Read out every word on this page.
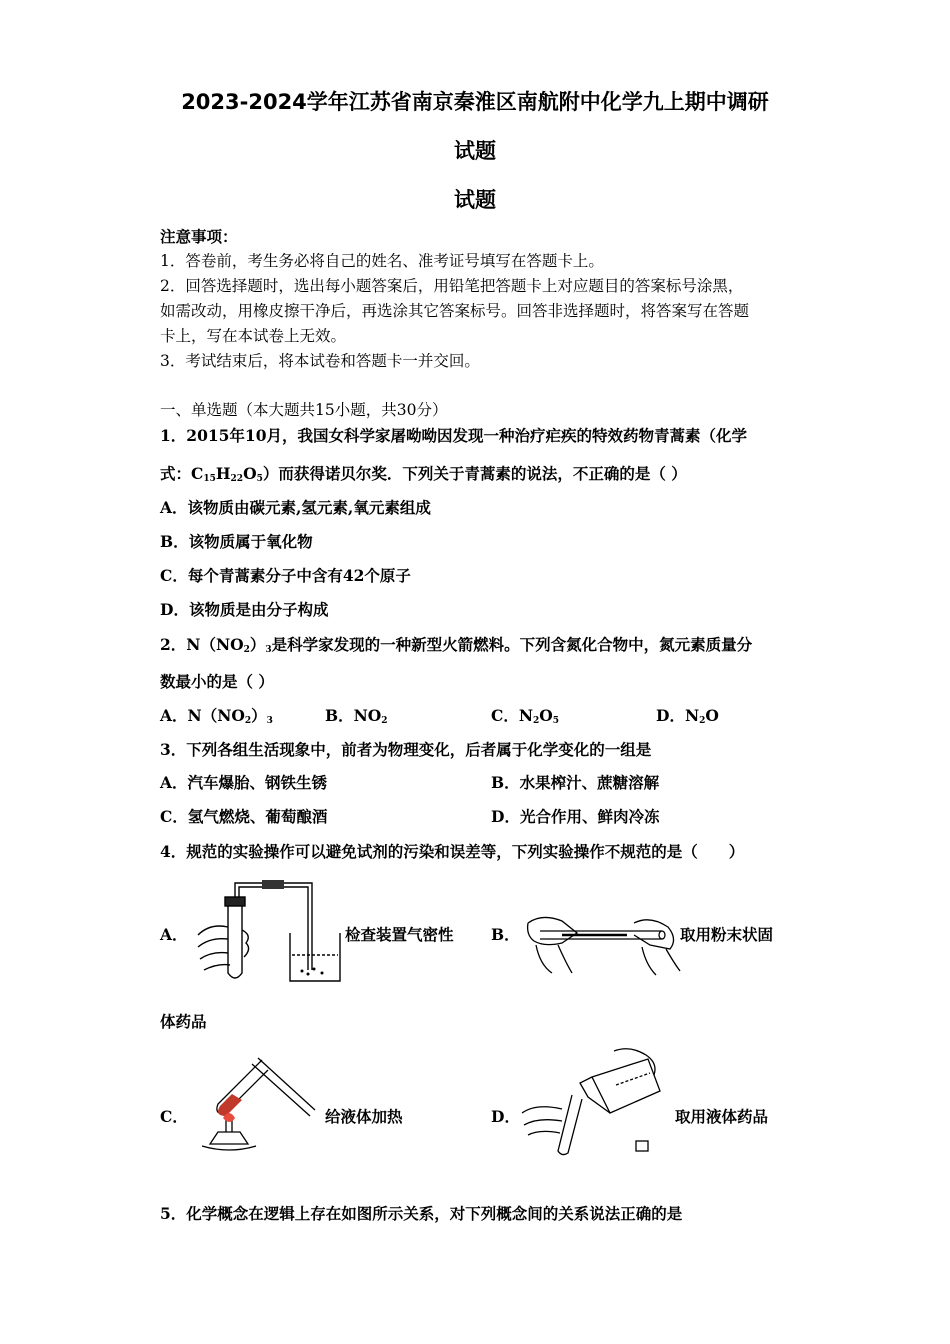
2023-2024学年江苏省南京秦淮区南航附中化学九上期中调研
试题
试题
注意事项：
1．答卷前，考生务必将自己的姓名、准考证号填写在答题卡上。
2．回答选择题时，选出每小题答案后，用铅笔把答题卡上对应题目的答案标号涂黑，
如需改动，用橡皮擦干净后，再选涂其它答案标号。回答非选择题时，将答案写在答题
卡上，写在本试卷上无效。
3．考试结束后，将本试卷和答题卡一并交回。
一、单选题（本大题共15小题，共30分）
1．2015年10月，我国女科学家屠呦呦因发现一种治疗疟疾的特效药物青蒿素（化学
式：$C_{15}H_{22}O_5$）而获得诺贝尔奖．下列关于青蒿素的说法，不正确的是（ ）
A．该物质由碳元素,氢元素,氧元素组成
B．该物质属于氧化物
C．每个青蒿素分子中含有42个原子
D．该物质是由分子构成
2．$N(NO_2)_3$是科学家发现的一种新型火箭燃料。下列含氮化合物中，氮元素质量分
数最小的是（ ）
A．$N(NO_2)_3$	B．$NO_2$	C．$N_2O_5$	D．$N_2O$
3．下列各组生活现象中，前者为物理变化，后者属于化学变化的一组是
A．汽车爆胎、钢铁生锈	B．水果榨汁、蔗糖溶解
C．氢气燃烧、葡萄酿酒	D．光合作用、鲜肉冷冻
4．规范的实验操作可以避免试剂的污染和误差等，下列实验操作不规范的是（　　）
A．	检查装置气密性 B．	取用粉末状固
体药品
C．	给液体加热	D．	取用液体药品
5．化学概念在逻辑上存在如图所示关系，对下列概念间的关系说法正确的是
